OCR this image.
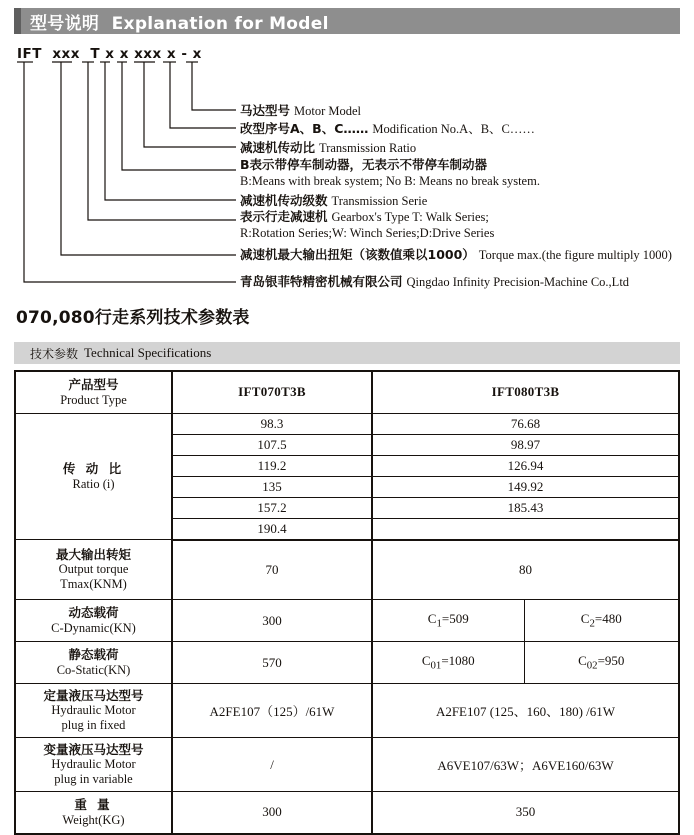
型号说明 Explanation for Model
IFT  xxx  T x x xxx x - x
马达型号 Motor Model
改型序号A、B、C…… Modification No.A、B、C……
减速机传动比 Transmission Ratio
B表示带停车制动器，无表示不带停车制动器
B:Means with break system; No B: Means no break system.
减速机传动级数 Transmission Serie
表示行走减速机 Gearbox's Type T: Walk Series;
R:Rotation Series;W: Winch Series;D:Drive Series
减速机最大输出扭矩（该数值乘以1000） Torque max.(the figure multiply 1000)
青岛银菲特精密机械有限公司 Qingdao Infinity Precision-Machine Co.,Ltd
070,080行走系列技术参数表
技术参数 Technical Specifications
产品型号
Product Type	IFT070T3B	IFT080T3B	

传 动 比
Ratio (i)	98.3	76.68	
	107.5	98.97	
	119.2	126.94	
	135	149.92	
	157.2	185.43	
	190.4		

最大输出转矩
Output torque
Tmax(KNM)	70	80	

动态载荷
C-Dynamic(KN)	300	$C_1=509$	$C_2=480$

静态载荷
Co-Static(KN)	570	$C_{01}=1080$	$C_{02}=950$

定量液压马达型号
Hydraulic Motor
plug in fixed	A2FE107（125）/61W	A2FE107 (125、160、180) /61W	

变量液压马达型号
Hydraulic Motor
plug in variable	/	A6VE107/63W；A6VE160/63W	

重 量
Weight(KG)	300	350	
